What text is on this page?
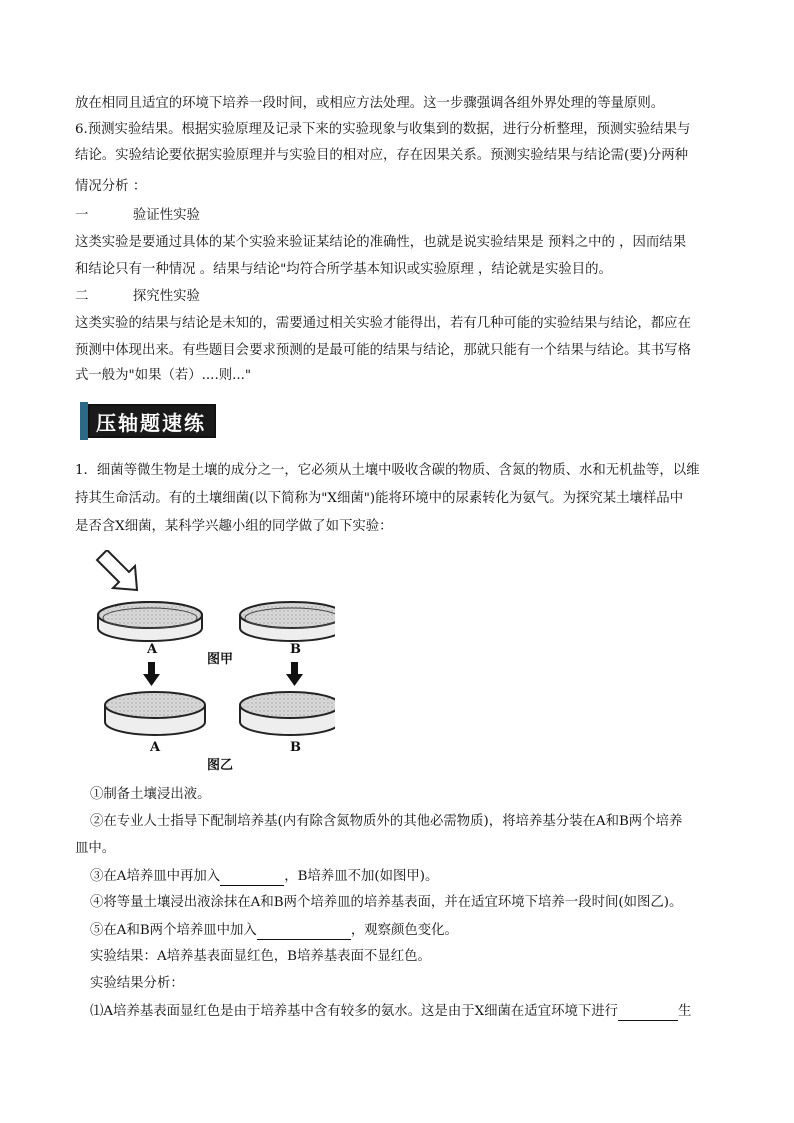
放在相同且适宜的环境下培养一段时间，或相应方法处理。这一步骤强调各组外界处理的等量原则。
6.预测实验结果。根据实验原理及记录下来的实验现象与收集到的数据，进行分析整理，预测实验结果与
结论。实验结论要依据实验原理并与实验目的相对应，存在因果关系。预测实验结果与结论需(要)分两种
情况分析 ：
一	验证性实验
这类实验是要通过具体的某个实验来验证某结论的准确性，也就是说实验结果是 预料之中的 ，因而结果
和结论只有一种情况 。结果与结论"均符合所学基本知识或实验原理 ，结论就是实验目的。
二	探究性实验
这类实验的结果与结论是未知的，需要通过相关实验才能得出，若有几种可能的实验结果与结论，都应在
预测中体现出来。有些题目会要求预测的是最可能的结果与结论，那就只能有一个结果与结论。其书写格
式一般为"如果（若）....则..."
压轴题速练
1．细菌等微生物是土壤的成分之一，它必须从土壤中吸收含碳的物质、含氮的物质、水和无机盐等，以维
持其生命活动。有的土壤细菌(以下简称为"X细菌")能将环境中的尿素转化为氨气。为探究某土壤样品中
是否含X细菌，某科学兴趣小组的同学做了如下实验：
A	B
图甲
A	B
图乙
①制备土壤浸出液。
②在专业人士指导下配制培养基(内有除含氮物质外的其他必需物质)，将培养基分装在A和B两个培养
皿中。
③在A培养皿中再加入	，B培养皿不加(如图甲)。
④将等量土壤浸出液涂抹在A和B两个培养皿的培养基表面，并在适宜环境下培养一段时间(如图乙)。
⑤在A和B两个培养皿中加入	，观察颜色变化。
实验结果：A培养基表面显红色，B培养基表面不显红色。
实验结果分析：
⑴A培养基表面显红色是由于培养基中含有较多的氨水。这是由于X细菌在适宜环境下进行	生
